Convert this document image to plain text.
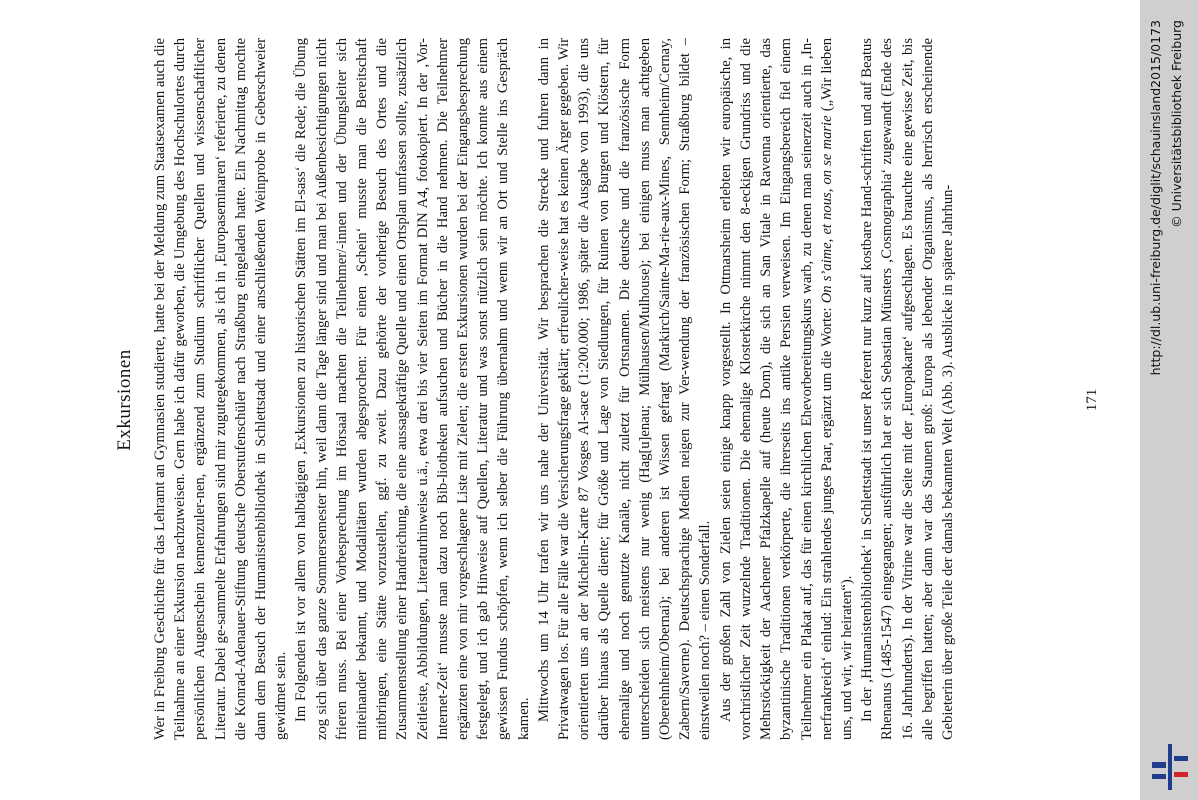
Exkursionen Wer in Freiburg Geschichte für das Lehramt an Gymnasien studierte, hatte bei der Meldung zum Staatsexamen auch die Teilnahme an einer Exkursion nachzuweisen. Gern habe ich dafür geworben, die Umgebung des Hochschulortes durch persönlichen Augenschein kennenzuler-nen, ergänzend zum Studium schriftlicher Quellen und wissenschaftlicher Literatur. Dabei ge-sammelte Erfahrungen sind mir zugutegekommen, als ich in ‚Europaseminaren‘ referierte, zu denen die Konrad-Adenauer-Stiftung deutsche Oberstufenschüler nach Straßburg eingeladen hatte. Ein Nachmittag mochte dann dem Besuch der Humanistenbibliothek in Schlettstadt und einer anschließenden Weinprobe in Geberschweier gewidmet sein. Im Folgenden ist vor allem von halbtägigen ‚Exkursionen zu historischen Stätten im El-sass‘ die Rede; die Übung zog sich über das ganze Sommersemester hin, weil dann die Tage länger sind und man bei Außenbesichtigungen nicht frieren muss. Bei einer Vorbesprechung im Hörsaal machten die Teilnehmer/-innen und der Übungsleiter sich miteinander bekannt, und Modalitäten wurden abgesprochen: Für einen ‚Schein‘ musste man die Bereitschaft mitbringen, eine Stätte vorzustellen, ggf. zu zweit. Dazu gehörte der vorherige Besuch des Ortes und die Zusammenstellung einer Handreichung, die eine aussagekräftige Quelle und einen Ortsplan umfassen sollte, zusätzlich Zeitleiste, Abbildungen, Literaturhinweise u.ä., etwa drei bis vier Seiten im Format DIN A4, fotokopiert. In der ‚Vor-Internet-Zeit‘ musste man dazu noch Bib-liotheken aufsuchen und Bücher in die Hand nehmen. Die Teilnehmer ergänzten eine von mir vorgeschlagene Liste mit Zielen; die ersten Exkursionen wurden bei der Eingangsbesprechung festgelegt, und ich gab Hinweise auf Quellen, Literatur und was sonst nützlich sein möchte. Ich konnte aus einem gewissen Fundus schöpfen, wenn ich selber die Führung übernahm und wenn wir an Ort und Stelle ins Gespräch kamen. Mittwochs um 14 Uhr trafen wir uns nahe der Universität. Wir besprachen die Strecke und fuhren dann in Privatwagen los. Für alle Fälle war die Versicherungsfrage geklärt; erfreulicher-weise hat es keinen Ärger gegeben. Wir orientierten uns an der Michelin-Karte 87 Vosges Al-sace (1:200.000; 1986, später die Ausgabe von 1993), die uns darüber hinaus als Quelle diente; für Größe und Lage von Siedlungen, für Ruinen von Burgen und Klöstern, für ehemalige und noch genutzte Kanäle, nicht zuletzt für Ortsnamen. Die deutsche und die französische Form unterscheiden sich meistens nur wenig (Hag[u]enau; Mülhausen/Mulhouse); bei einigen muss man achtgeben (Oberehnheim/Obernai); bei anderen ist Wissen gefragt (Markirch/Sainte-Ma-rie-aux-Mines, Sennheim/Cernay, Zabern/Saverne). Deutschsprachige Medien neigen zur Ver-wendung der französischen Form; Straßburg bildet – einstweilen noch? – einen Sonderfall. Aus der großen Zahl von Zielen seien einige knapp vorgestellt. In Ottmarsheim erlebten wir europäische, in vorchristlicher Zeit wurzelnde Traditionen. Die ehemalige Klosterkirche nimmt den 8-eckigen Grundriss und die Mehrstöckigkeit der Aachener Pfalzkapelle auf (heute Dom), die sich an San Vitale in Ravenna orientierte, das byzantinische Traditionen verkörperte, die ihrerseits ins antike Persien verweisen. Im Eingangsbereich fiel einem Teilnehmer ein Plakat auf, das für einen kirchlichen Ehevorbereitungskurs warb, zu denen man seinerzeit auch in ‚In-nerfrankreich‘ einlud: Ein strahlendes junges Paar, ergänzt um die Worte: On s’aime, et nous, on se marie („Wir lieben uns, und wir, wir heiraten“). In der ‚Humanistenbibliothek‘ in Schlettstadt ist unser Referent nur kurz auf kostbare Hand-schriften und auf Beatus Rhenanus (1485-1547) eingegangen; ausführlich hat er sich Sebastian Münsters ‚Cosmographia‘ zugewandt (Ende des 16. Jahrhunderts). In der Vitrine war die Seite mit der ‚Europakarte‘ aufgeschlagen. Es brauchte eine gewisse Zeit, bis alle begriffen hatten; aber dann war das Staunen groß: Europa als lebender Organismus, als herrisch erscheinende Gebieterin über große Teile der damals bekannten Welt (Abb. 3). Ausblicke in spätere Jahrhun-	171
http://dl.ub.uni-freiburg.de/diglit/schauinsland2015/0173 © Universitätsbibliothek Freiburg
